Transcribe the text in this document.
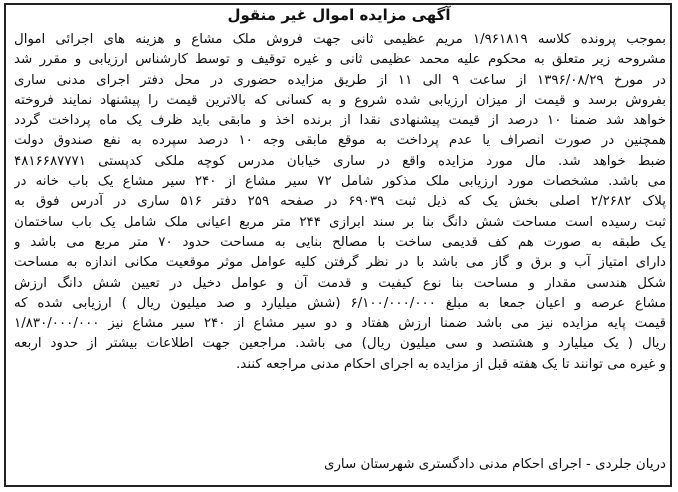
آگهی مزایده اموال غیر منقول
بموجب پرونده کلاسه ۱/۹۶۱۸۱۹ مریم عظیمی ثانی جهت فروش ملک مشاع و هزینه های اجرائی اموال
مشروحه زیر متعلق به محکوم علیه محمد عظیمی ثانی و غیره توقیف و توسط کارشناس ارزیابی و مقرر شد
در مورخ ۱۳۹۶/۰۸/۲۹ از ساعت ۹ الی ۱۱ از طریق مزایده حضوری در محل دفتر اجرای مدنی ساری
بفروش برسد و قیمت از میزان ارزیابی شده شروع و به کسانی که بالاترین قیمت را پیشنهاد نمایند فروخته
خواهد شد ضمنا ۱۰ درصد از قیمت پیشنهادی نقدا از برنده اخذ و مابقی باید ظرف یک ماه پرداخت گردد
همچنین در صورت انصراف یا عدم پرداخت به موقع مابقی وجه ۱۰ درصد سپرده به نفع صندوق دولت
ضبط خواهد شد. مال مورد مزایده واقع در ساری خیابان مدرس کوچه ملکی کدپستی ۴۸۱۶۶۸۷۷۷۱
می باشد. مشخصات مورد ارزیابی ملک مذکور شامل ۷۲ سیر مشاع از ۲۴۰ سیر مشاع یک باب خانه در
پلاک ۲/۲۶۸۲ اصلی بخش یک که ذیل ثبت ۶۹۰۳۹ در صفحه ۲۵۹ دفتر ۵۱۶ ساری در آدرس فوق به
ثبت رسیده است مساحت شش دانگ بنا بر سند ابرازی ۲۴۴ متر مربع اعیانی ملک شامل یک باب ساختمان
یک طبقه به صورت هم کف قدیمی ساخت با مصالح بنایی به مساحت حدود ۷۰ متر مربع می باشد و
دارای امتیاز آب و برق و گاز می باشد با در نظر گرفتن کلیه عوامل موثر موقعیت مکانی اندازه به مساحت
شکل هندسی مقدار و مساحت بنا نوع کیفیت و قدمت آن و عوامل دخیل در تعیین شش دانگ ارزش
مشاع عرصه و اعیان جمعا به مبلغ ۶/۱۰۰/۰۰۰/۰۰۰ (شش میلیارد و صد میلیون ریال ) ارزیابی شده که
قیمت پایه مزایده نیز می باشد ضمنا ارزش هفتاد و دو سیر مشاع از ۲۴۰ سیر مشاع نیز ۱/۸۳۰/۰۰۰/۰۰۰
ریال ( یک میلیارد و هشتصد و سی میلیون ریال) می باشد. مراجعین جهت اطلاعات بیشتر از حدود اربعه
و غیره می توانند تا یک هفته قبل از مزایده به اجرای احکام مدنی مراجعه کنند.
دریان جلردی - اجرای احکام مدنی دادگستری شهرستان ساری
